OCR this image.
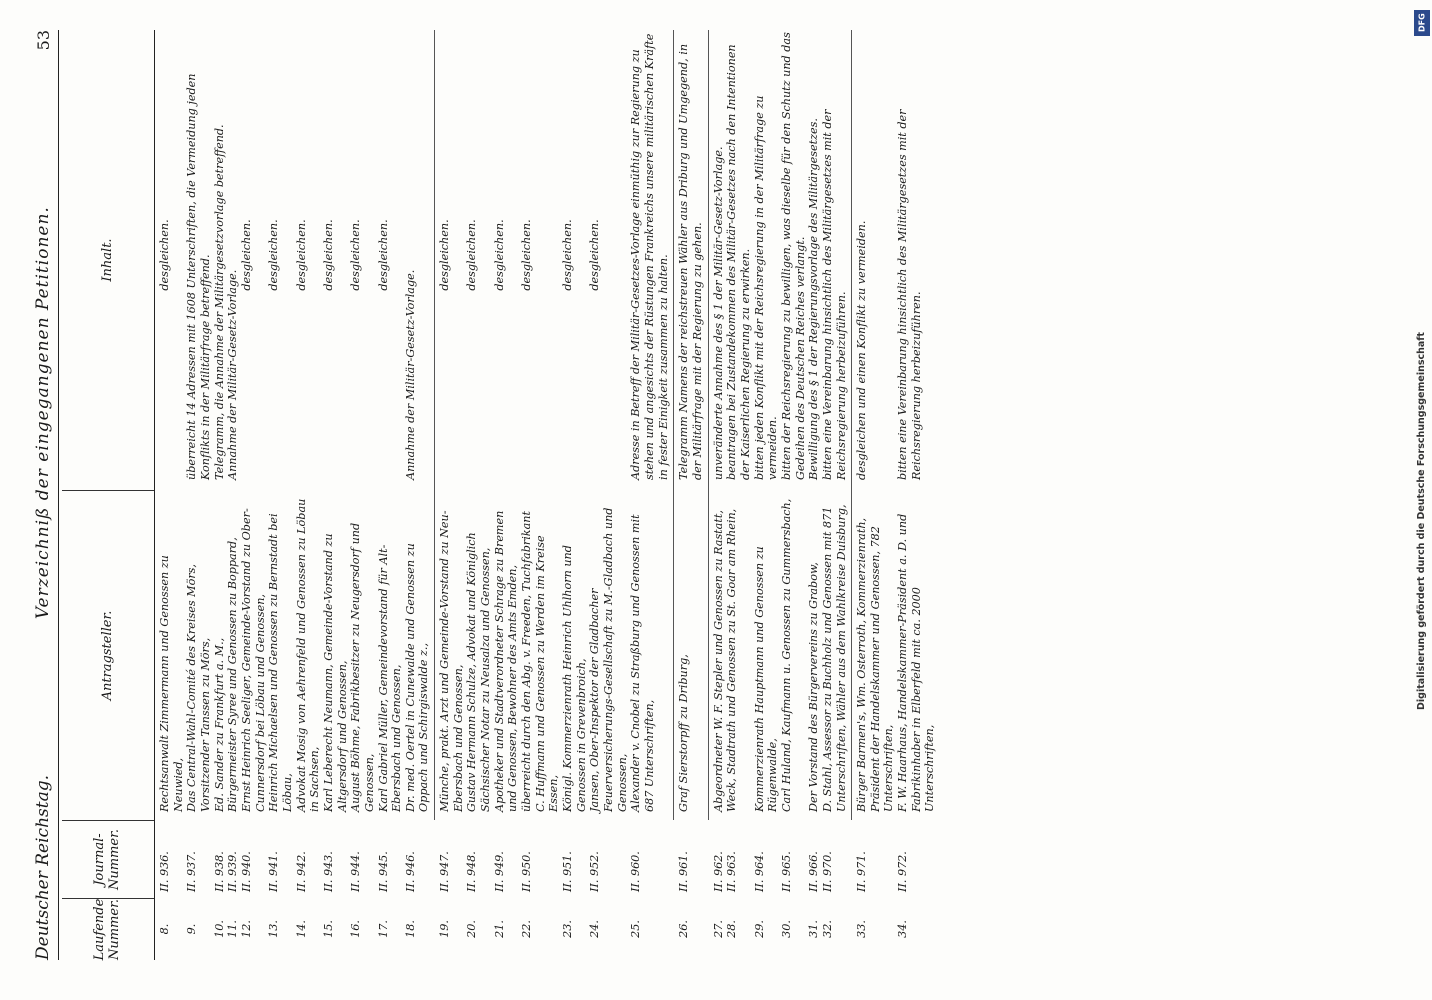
Deutscher Reichstag.
Verzeichniß der eingegangenen Petitionen.
53
Laufende Nummer.
Journal-Nummer.
Antragsteller.
Inhalt.
8.
II. 936.
Rechtsanwalt Zimmermann und Genossen zu Neuwied,
desgleichen.
9.
II. 937.
Das Central-Wahl-Comité des Kreises Mörs, Vorsitzender Tanssen zu Mörs,
überreicht 14 Adressen mit 1608 Unterschriften, die Vermeidung jeden Konflikts in der Militärfrage betreffend.
10.
II. 938.
Ed. Sander zu Frankfurt a. M.,
Telegramm, die Annahme der Militärgesetzvorlage betreffend.
11.
II. 939.
Bürgermeister Syree und Genossen zu Boppard,
Annahme der Militär-Gesetz-Vorlage.
12.
II. 940.
Ernst Heinrich Seeliger, Gemeinde-Vorstand zu Ober-Cunnersdorf bei Löbau und Genossen,
desgleichen.
13.
II. 941.
Heinrich Michaelsen und Genossen zu Bernstadt bei Löbau,
desgleichen.
14.
II. 942.
Advokat Mosig von Aehrenfeld und Genossen zu Löbau in Sachsen,
desgleichen.
15.
II. 943.
Karl Leberecht Neumann, Gemeinde-Vorstand zu Altgersdorf und Genossen,
desgleichen.
16.
II. 944.
August Böhme, Fabrikbesitzer zu Neugersdorf und Genossen,
desgleichen.
17.
II. 945.
Karl Gabriel Müller, Gemeindevorstand für Alt-Ebersbach und Genossen,
desgleichen.
18.
II. 946.
Dr. med. Oertel in Cunewalde und Genossen zu Oppach und Schirgiswalde z.,
Annahme der Militär-Gesetz-Vorlage.
19.
II. 947.
Münche, prakt. Arzt und Gemeinde-Vorstand zu Neu-Ebersbach und Genossen,
desgleichen.
20.
II. 948.
Gustav Hermann Schulze, Advokat und Königlich Sächsischer Notar zu Neusalza und Genossen,
desgleichen.
21.
II. 949.
Apotheker und Stadtverordneter Schrage zu Bremen und Genossen, Bewohner des Amts Emden,
desgleichen.
22.
II. 950.
überreicht durch den Abg. v. Freeden, Tuchfabrikant C. Huffmann und Genossen zu Werden im Kreise Essen,
desgleichen.
23.
II. 951.
Königl. Kommerzienrath Heinrich Uhlhorn und Genossen in Grevenbroich,
desgleichen.
24.
II. 952.
Jansen, Ober-Inspektor der Gladbacher Feuerversicherungs-Gesellschaft zu M.-Gladbach und Genossen,
desgleichen.
25.
II. 960.
Alexander v. Cnobel zu Straßburg und Genossen mit 687 Unterschriften,
Adresse in Betreff der Militär-Gesetzes-Vorlage einmüthig zur Regierung zu stehen und angesichts der Rüstungen Frankreichs unsere militärischen Kräfte in fester Einigkeit zusammen zu halten.
26.
II. 961.
Graf Sierstorpff zu Driburg,
Telegramm Namens der reichstreuen Wähler aus Driburg und Umgegend, in der Militärfrage mit der Regierung zu gehen.
27.
II. 962.
Abgeordneter W. F. Stepler und Genossen zu Rastatt,
unveränderte Annahme des § 1 der Militär-Gesetz-Vorlage.
28.
II. 963.
Weck, Stadtrath und Genossen zu St. Goar am Rhein,
beantragen bei Zustandekommen des Militär-Gesetzes nach den Intentionen der Kaiserlichen Regierung zu erwirken.
29.
II. 964.
Kommerzienrath Hauptmann und Genossen zu Rügenwalde,
bitten jeden Konflikt mit der Reichsregierung in der Militärfrage zu vermeiden.
30.
II. 965.
Carl Huland, Kaufmann u. Genossen zu Gummersbach,
bitten der Reichsregierung zu bewilligen, was dieselbe für den Schutz und das Gedeihen des Deutschen Reiches verlangt.
31.
II. 966.
Der Vorstand des Bürgervereins zu Grabow,
Bewilligung des § 1 der Regierungsvorlage des Militärgesetzes.
32.
II. 970.
D. Stahl, Assessor zu Buchholz und Genossen mit 871 Unterschriften, Wähler aus dem Wahlkreise Duisburg,
bitten eine Vereinbarung hinsichtlich des Militärgesetzes mit der Reichsregierung herbeizuführen.
33.
II. 971.
Bürger Barmen's, Wm. Osterroth, Kommerzienrath, Präsident der Handelskammer und Genossen, 782 Unterschriften,
desgleichen und einen Konflikt zu vermeiden.
34.
II. 972.
F. W. Haarhaus, Handelskammer-Präsident a. D. und Fabrikinhaber in Elberfeld mit ca. 2000 Unterschriften,
bitten eine Vereinbarung hinsichtlich des Militärgesetzes mit der Reichsregierung herbeizuführen.
DFG
Digitalisierung gefördert durch die Deutsche Forschungsgemeinschaft
